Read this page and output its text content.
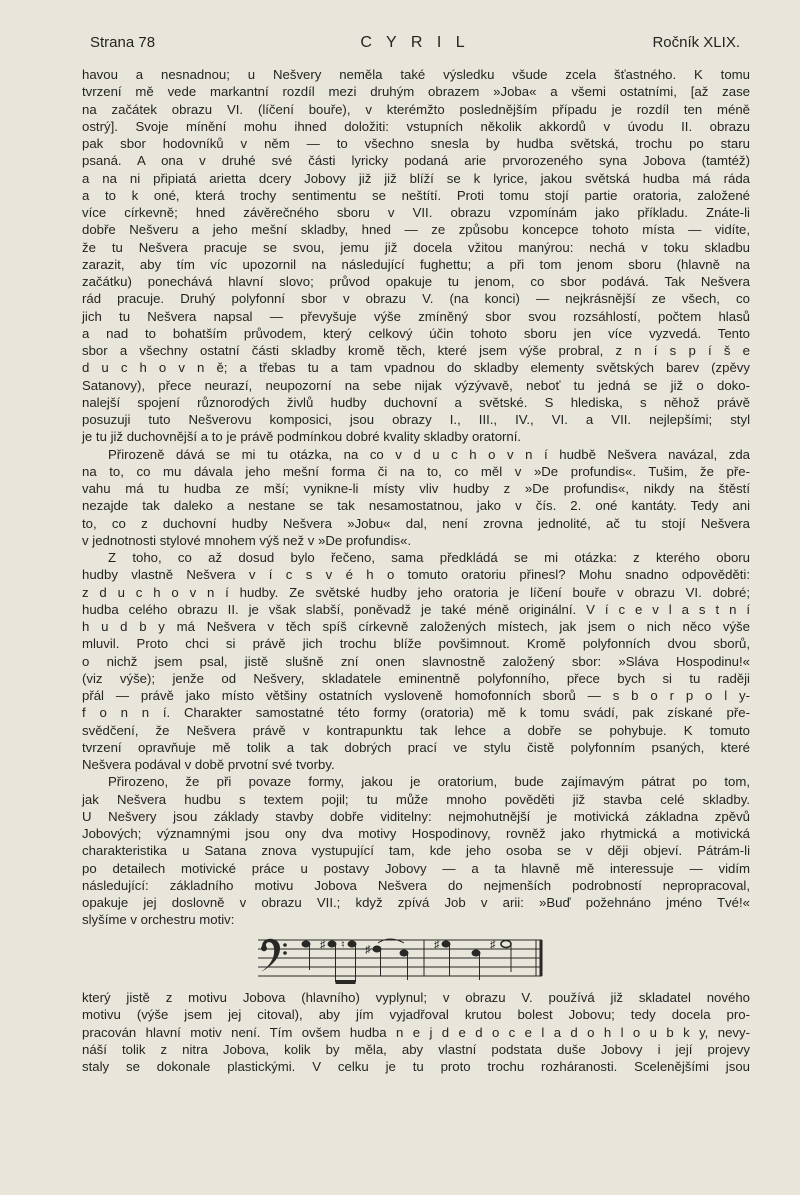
Strana 78	C Y R I L	Ročník XLIX.
havou a nesnadnou; u Nešvery neměla také výsledku všude zcela šťastného. K tomu
tvrzení mě vede markantní rozdíl mezi druhým obrazem »Joba« a všemi ostatními, [až zase
na začátek obrazu VI. (líčení bouře), v kterémžto poslednějším případu je rozdíl ten méně
ostrý]. Svoje mínění mohu ihned doložiti: vstupních několik akkordů v úvodu II. obrazu
pak sbor hodovníků v něm — to všechno snesla by hudba světská, trochu po staru
psaná. A ona v druhé své části lyricky podaná arie prvorozeného syna Jobova (tamtéž)
a na ni připiatá arietta dcery Jobovy již již blíží se k lyrice, jakou světská hudba má ráda
a to k oné, která trochy sentimentu se neštítí. Proti tomu stojí partie oratoria, založené
více církevně; hned závěrečného sboru v VII. obrazu vzpomínám jako příkladu. Znáte-li
dobře Nešveru a jeho mešní skladby, hned — ze způsobu koncepce tohoto místa — vidíte,
že tu Nešvera pracuje se svou, jemu již docela vžitou manýrou: nechá v toku skladbu
zarazit, aby tím víc upozornil na následující fughettu; a při tom jenom sboru (hlavně na
začátku) ponechává hlavní slovo; průvod opakuje tu jenom, co sbor podává. Tak Nešvera
rád pracuje. Druhý polyfonní sbor v obrazu V. (na konci) — nejkrásnější ze všech, co
jich tu Nešvera napsal — převyšuje výše zmíněný sbor svou rozsáhlostí, počtem hlasů
a nad to bohatším průvodem, který celkový účin tohoto sboru jen více vyzvedá. Tento
sbor a všechny ostatní části skladby kromě těch, které jsem výše probral, z n í s p í š e
d u c h o v n ě; a třebas tu a tam vpadnou do skladby elementy světských barev (zpěvy
Satanovy), přece neurazí, neupozorní na sebe nijak výzývavě, neboť tu jedná se již o doko-
nalejší spojení různorodých živlů hudby duchovní a světské. S hlediska, s něhož právě
posuzuji tuto Nešverovu komposici, jsou obrazy I., III., IV., VI. a VII. nejlepšími; styl
je tu již duchovnější a to je právě podmínkou dobré kvality skladby oratorní.
Přirozeně dává se mi tu otázka, na co v d u c h o v n í hudbě Nešvera navázal, zda
na to, co mu dávala jeho mešní forma či na to, co měl v »De profundis«. Tušim, že pře-
vahu má tu hudba ze mší; vynikne-li místy vliv hudby z »De profundis«, nikdy na štěstí
nezajde tak daleko a nestane se tak nesamostatnou, jako v čís. 2. oné kantáty. Tedy ani
to, co z duchovní hudby Nešvera »Jobu« dal, není zrovna jednolité, ač tu stojí Nešvera
v jednotnosti stylové mnohem výš než v »De profundis«.
Z toho, co až dosud bylo řečeno, sama předkládá se mi otázka: z kterého oboru
hudby vlastně Nešvera v í c s v é h o tomuto oratoriu přinesl? Mohu snadno odpověděti:
z d u c h o v n í hudby. Ze světské hudby jeho oratoria je líčení bouře v obrazu VI. dobré;
hudba celého obrazu II. je však slabší, poněvadž je také méně originální. V í c e v l a s t n í
h u d b y má Nešvera v těch spíš církevně založených místech, jak jsem o nich něco výše
mluvil. Proto chci si právě jich trochu blíže povšimnout. Kromě polyfonních dvou sborů,
o nichž jsem psal, jistě slušně zní onen slavnostně založený sbor: »Sláva Hospodinu!«
(viz výše); jenže od Nešvery, skladatele eminentně polyfonního, přece bych si tu raději
přál — právě jako místo většiny ostatních vysloveně homofonních sborů — s b o r p o l y-
f o n n í. Charakter samostatné této formy (oratoria) mě k tomu svádí, pak získané pře-
svědčení, že Nešvera právě v kontrapunktu tak lehce a dobře se pohybuje. K tomuto
tvrzení opravňuje mě tolik a tak dobrých prací ve stylu čistě polyfonním psaných, které
Nešvera podával v době prvotní své tvorby.
Přirozeno, že při povaze formy, jakou je oratorium, bude zajímavým pátrat po tom,
jak Nešvera hudbu s textem pojil; tu může mnoho pověděti již stavba celé skladby.
U Nešvery jsou základy stavby dobře viditelny: nejmohutnější je motivická základna zpěvů
Jobových; významnými jsou ony dva motivy Hospodinovy, rovněž jako rhytmická a motivická
charakteristika u Satana znova vystupující tam, kde jeho osoba se v ději objeví. Pátrám-li
po detailech motivické práce u postavy Jobovy — a ta hlavně mě interessuje — vidím
následující: základního motivu Jobova Nešvera do nejmenších podrobností nepropracoval,
opakuje jej doslovně v obrazu VII.; když zpívá Job v arii: »Buď požehnáno jméno Tvé!«
slyšíme v orchestru motiv:
♯ ♮ ♯	♯	♯
který jistě z motivu Jobova (hlavního) vyplynul; v obrazu V. používá již skladatel nového
motivu (výše jsem jej citoval), aby jím vyjadřoval krutou bolest Jobovu; tedy docela pro-
pracován hlavní motiv není. Tím ovšem hudba n e j d e d o c e l a d o h l o u b k y, nevy-
náší tolik z nitra Jobova, kolik by měla, aby vlastní podstata duše Jobovy i její projevy
staly se dokonale plastickými. V celku je tu proto trochu rozháranosti. Scelenějšími jsou
